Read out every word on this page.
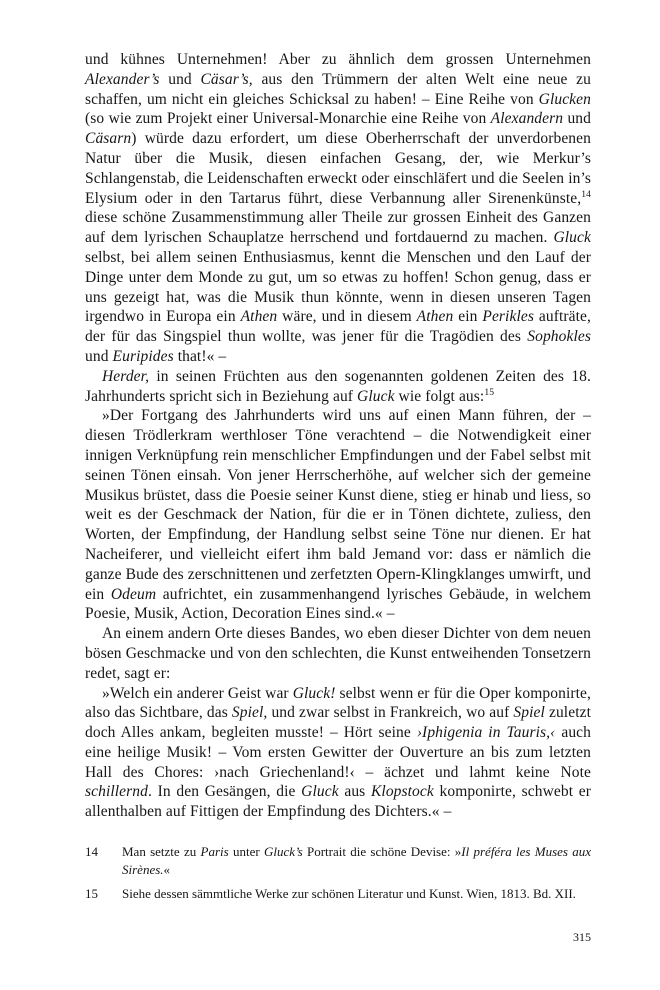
und kühnes Unternehmen! Aber zu ähnlich dem grossen Unternehmen Alexander’s und Cäsar’s, aus den Trümmern der alten Welt eine neue zu schaffen, um nicht ein gleiches Schicksal zu haben! – Eine Reihe von Glucken (so wie zum Projekt einer Universal-Monarchie eine Reihe von Alexandern und Cäsarn) würde dazu erfordert, um diese Oberherrschaft der unverdorbenen Natur über die Musik, diesen einfachen Gesang, der, wie Merkur’s Schlangenstab, die Leidenschaften erweckt oder einschläfert und die Seelen in’s Elysium oder in den Tartarus führt, diese Verbannung aller Sirenenkünste,$^{14}$ diese schöne Zusammenstimmung aller Theile zur grossen Einheit des Ganzen auf dem lyrischen Schauplatze herrschend und fortdauernd zu machen. Gluck selbst, bei allem seinen Enthusiasmus, kennt die Menschen und den Lauf der Dinge unter dem Monde zu gut, um so etwas zu hoffen! Schon genug, dass er uns gezeigt hat, was die Musik thun könnte, wenn in diesen unseren Tagen irgendwo in Europa ein Athen wäre, und in diesem Athen ein Perikles aufträte, der für das Singspiel thun wollte, was jener für die Tragödien des Sophokles und Euripides that!« –

Herder, in seinen Früchten aus den sogenannten goldenen Zeiten des 18. Jahrhunderts spricht sich in Beziehung auf Gluck wie folgt aus:$^{15}$

»Der Fortgang des Jahrhunderts wird uns auf einen Mann führen, der – diesen Trödlerkram werthloser Töne verachtend – die Notwendigkeit einer innigen Verknüpfung rein menschlicher Empfindungen und der Fabel selbst mit seinen Tönen einsah. Von jener Herrscherhöhe, auf welcher sich der gemeine Musikus brüstet, dass die Poesie seiner Kunst diene, stieg er hinab und liess, so weit es der Geschmack der Nation, für die er in Tönen dichtete, zuliess, den Worten, der Empfindung, der Handlung selbst seine Töne nur dienen. Er hat Nacheiferer, und vielleicht eifert ihm bald Jemand vor: dass er nämlich die ganze Bude des zerschnittenen und zerfetzten Opern-Klingklanges umwirft, und ein Odeum aufrichtet, ein zusammenhangend lyrisches Gebäude, in welchem Poesie, Musik, Action, Decoration Eines sind.« –

An einem andern Orte dieses Bandes, wo eben dieser Dichter von dem neuen bösen Geschmacke und von den schlechten, die Kunst entweihenden Tonsetzern redet, sagt er:

»Welch ein anderer Geist war Gluck! selbst wenn er für die Oper komponirte, also das Sichtbare, das Spiel, und zwar selbst in Frankreich, wo auf Spiel zuletzt doch Alles ankam, begleiten musste! – Hört seine ›Iphigenia in Tauris,‹ auch eine heilige Musik! – Vom ersten Gewitter der Ouverture an bis zum letzten Hall des Chores: ›nach Griechenland!‹ – ächzet und lahmt keine Note schillernd. In den Gesängen, die Gluck aus Klopstock komponirte, schwebt er allenthalben auf Fittigen der Empfindung des Dichters.« –

14	Man setzte zu Paris unter Gluck’s Portrait die schöne Devise: »Il préféra les Muses aux Sirènes.«
15	Siehe dessen sämmtliche Werke zur schönen Literatur und Kunst. Wien, 1813. Bd. XII.
315
